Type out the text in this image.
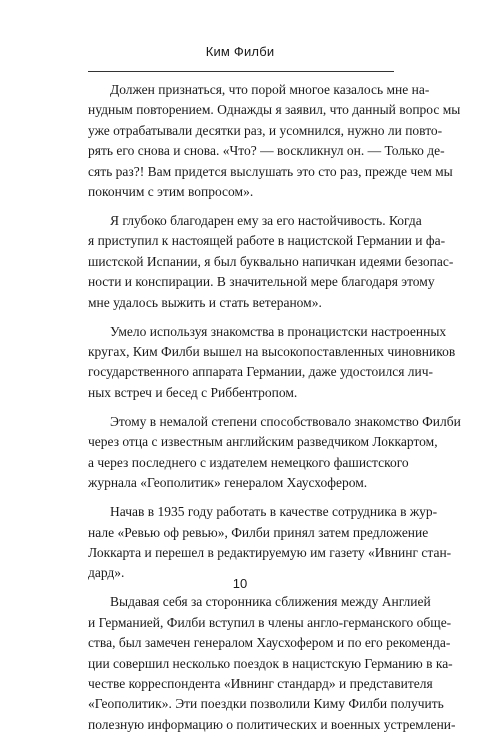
Ким Филби
Должен признаться, что порой многое казалось мне на-
нудным повторением. Однажды я заявил, что данный вопрос мы
уже отрабатывали десятки раз, и усомнился, нужно ли повто-
рять его снова и снова. «Что? — воскликнул он. — Только де-
сять раз?! Вам придется выслушать это сто раз, прежде чем мы
покончим с этим вопросом».
Я глубоко благодарен ему за его настойчивость. Когда
я приступил к настоящей работе в нацистской Германии и фа-
шистской Испании, я был буквально напичкан идеями безопас-
ности и конспирации. В значительной мере благодаря этому
мне удалось выжить и стать ветераном».
Умело используя знакомства в пронацистски настроенных
кругах, Ким Филби вышел на высокопоставленных чиновников
государственного аппарата Германии, даже удостоился лич-
ных встреч и бесед с Риббентропом.
Этому в немалой степени способствовало знакомство Филби
через отца с известным английским разведчиком Локкартом,
а через последнего с издателем немецкого фашистского
журнала «Геополитик» генералом Хаусхофером.
Начав в 1935 году работать в качестве сотрудника в жур-
нале «Ревью оф ревью», Филби принял затем предложение
Локкарта и перешел в редактируемую им газету «Ивнинг стан-
дард».
Выдавая себя за сторонника сближения между Англией
и Германией, Филби вступил в члены англо-германского обще-
ства, был замечен генералом Хаусхофером и по его рекоменда-
ции совершил несколько поездок в нацистскую Германию в ка-
честве корреспондента «Ивнинг стандард» и представителя
«Геополитик». Эти поездки позволили Киму Филби получить
полезную информацию о политических и военных устремлени-
10
